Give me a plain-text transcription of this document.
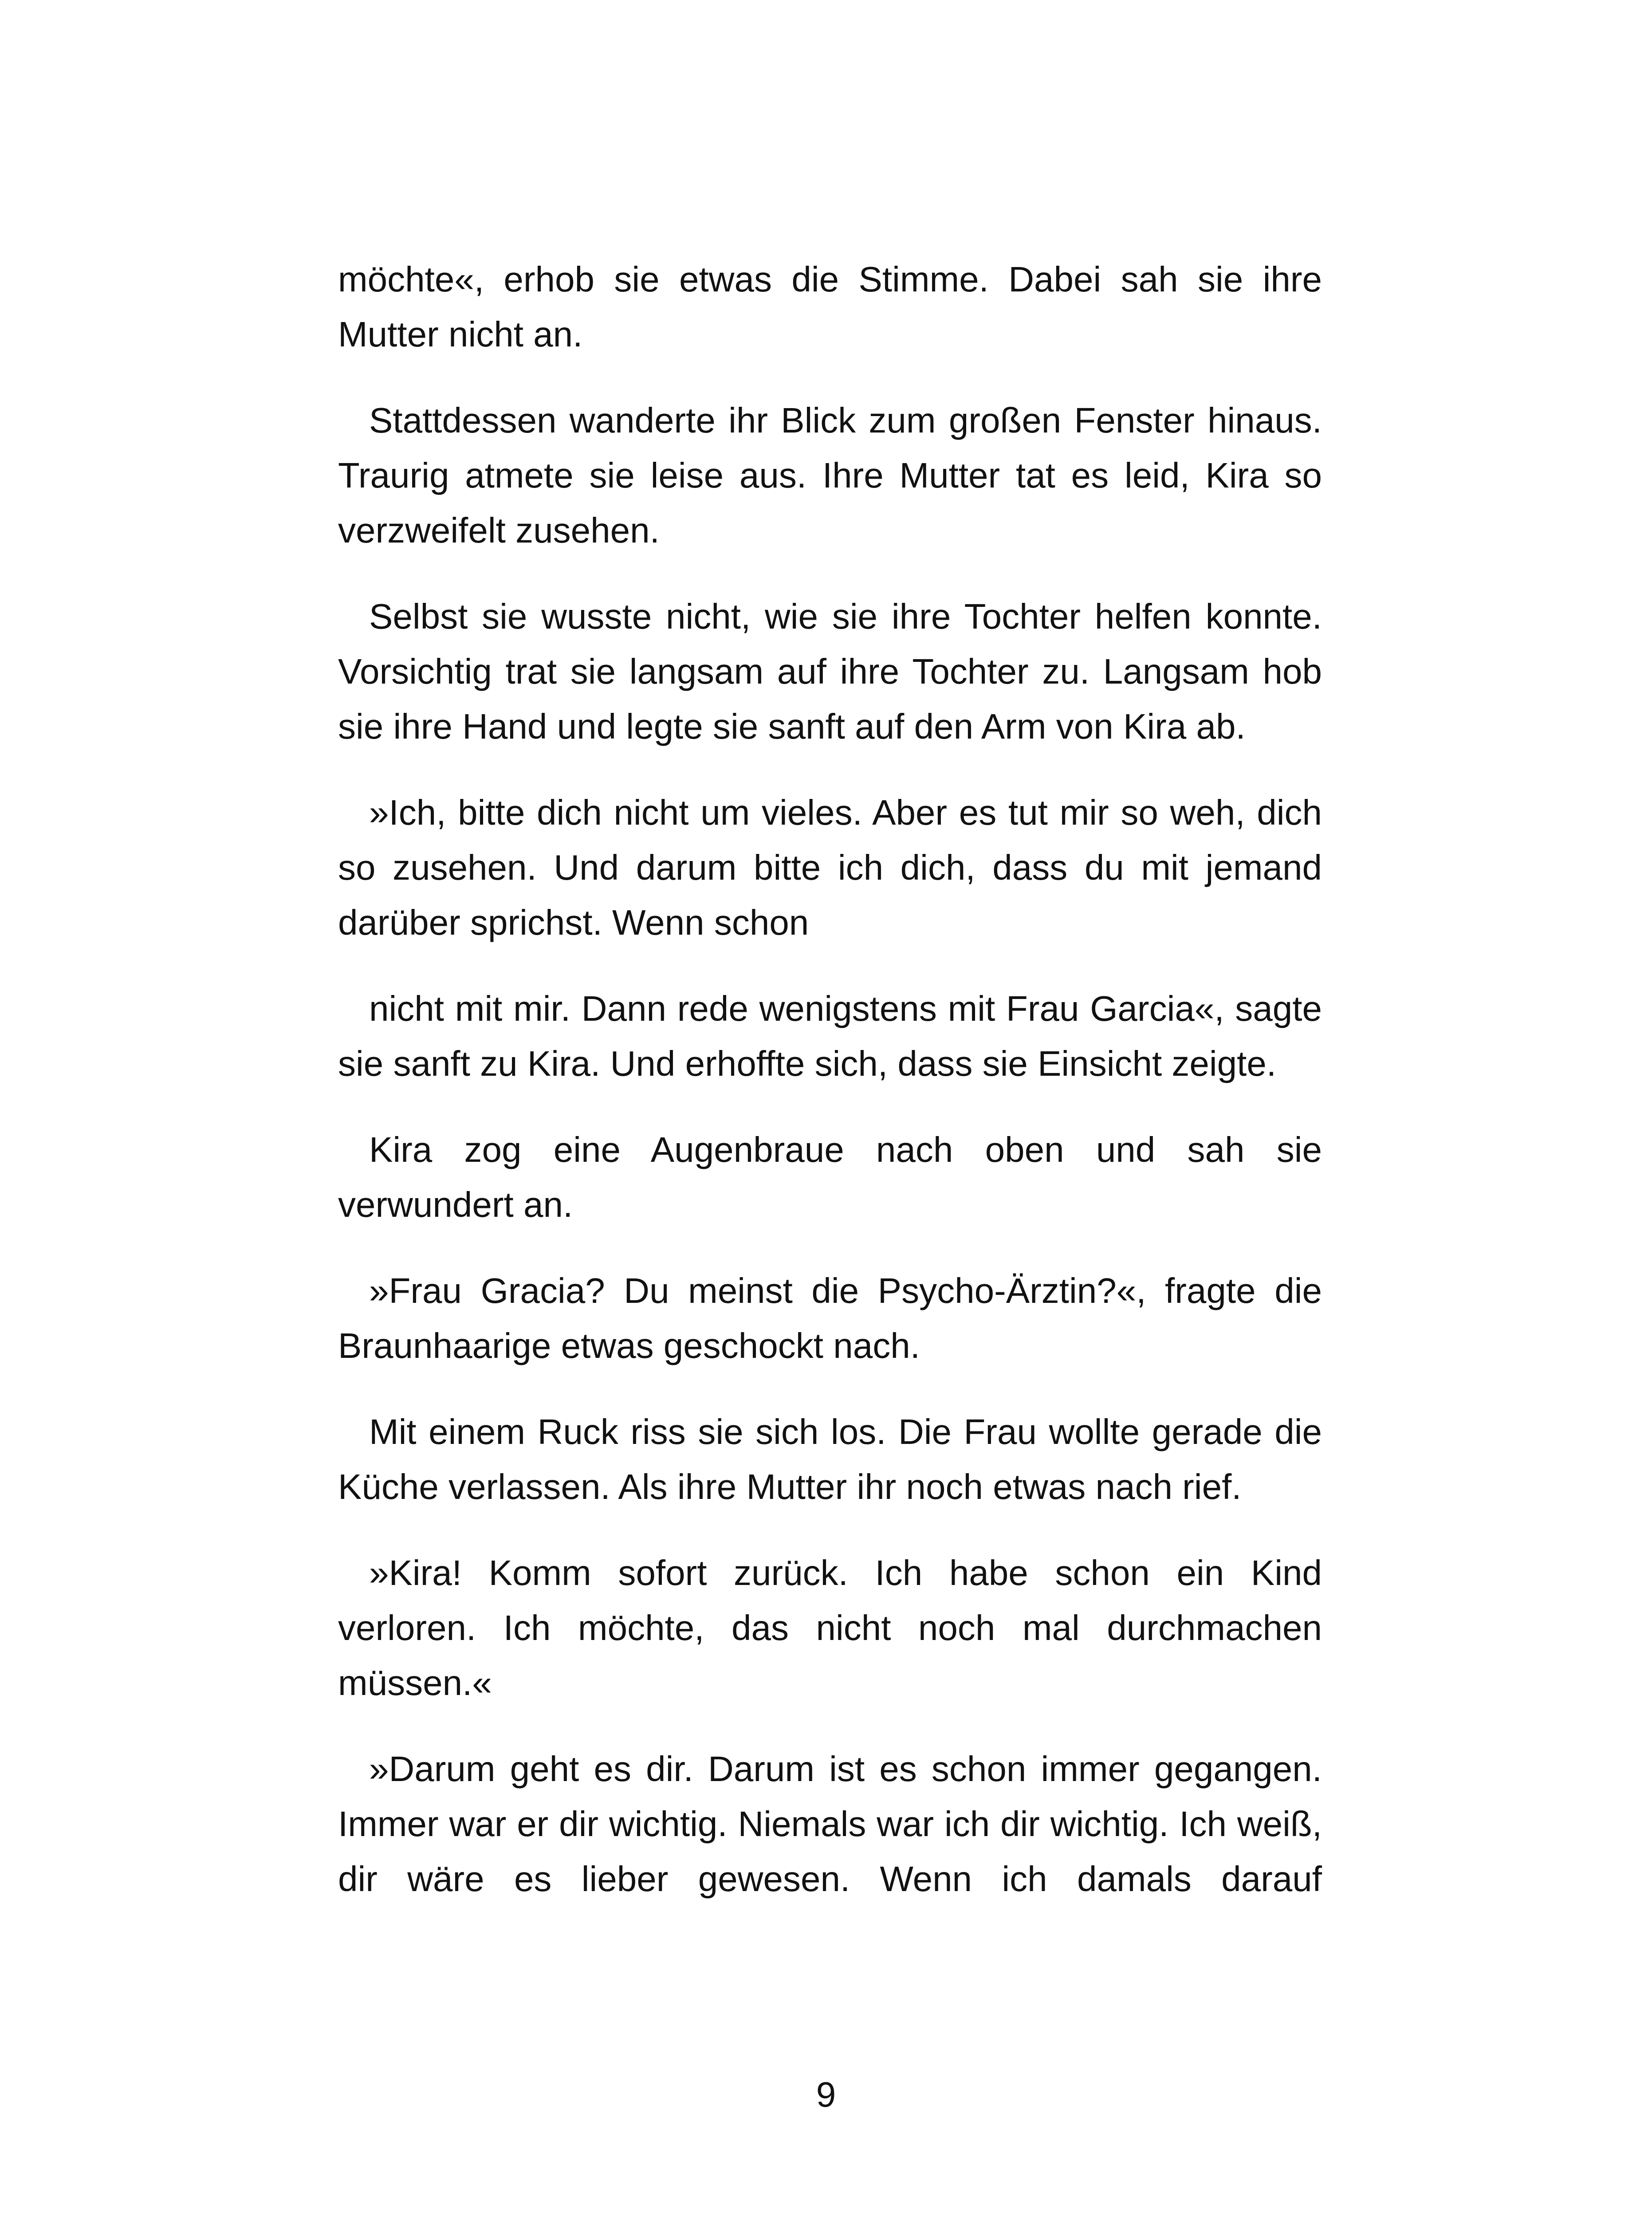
möchte«, erhob sie etwas die Stimme. Dabei sah sie ihre Mutter nicht an.

Stattdessen wanderte ihr Blick zum großen Fenster hinaus. Traurig atmete sie leise aus. Ihre Mutter tat es leid, Kira so verzweifelt zusehen.

Selbst sie wusste nicht, wie sie ihre Tochter helfen konnte. Vorsichtig trat sie langsam auf ihre Tochter zu. Langsam hob sie ihre Hand und legte sie sanft auf den Arm von Kira ab.

»Ich, bitte dich nicht um vieles. Aber es tut mir so weh, dich so zusehen. Und darum bitte ich dich, dass du mit jemand darüber sprichst. Wenn schon

nicht mit mir. Dann rede wenigstens mit Frau Garcia«, sagte sie sanft zu Kira. Und erhoffte sich, dass sie Einsicht zeigte.

Kira zog eine Augenbraue nach oben und sah sie verwundert an.

»Frau Gracia? Du meinst die Psycho-Ärztin?«, fragte die Braunhaarige etwas geschockt nach.

Mit einem Ruck riss sie sich los. Die Frau wollte gerade die Küche verlassen. Als ihre Mutter ihr noch etwas nach rief.

»Kira! Komm sofort zurück. Ich habe schon ein Kind verloren. Ich möchte, das nicht noch mal durchmachen müssen.«

»Darum geht es dir. Darum ist es schon immer gegangen. Immer war er dir wichtig. Niemals war ich dir wichtig. Ich weiß, dir wäre es lieber gewesen. Wenn ich damals darauf

9
